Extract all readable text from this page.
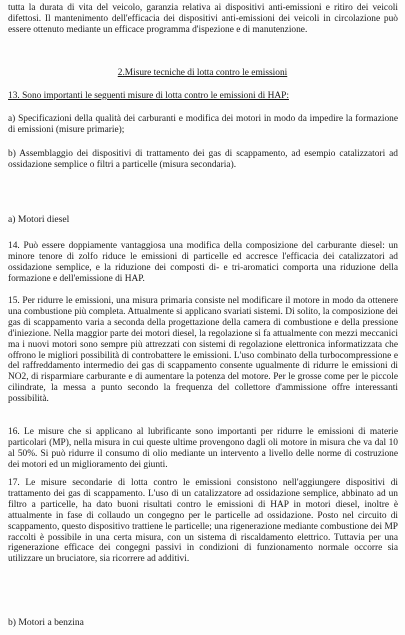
tutta la durata di vita del veicolo, garanzia relativa ai dispositivi anti-emissioni e ritiro dei veicoli difettosi. Il mantenimento dell'efficacia dei dispositivi anti-emissioni dei veicoli in circolazione può essere ottenuto mediante un efficace programma d'ispezione e di manutenzione.

2.Misure tecniche di lotta contro le emissioni

13. Sono importanti le seguenti misure di lotta contro le emissioni di HAP:

a) Specificazioni della qualità dei carburanti e modifica dei motori in modo da impedire la formazione di emissioni (misure primarie);

b) Assemblaggio dei dispositivi di trattamento dei gas di scappamento, ad esempio catalizzatori ad ossidazione semplice o filtri a particelle (misura secondaria).

a) Motori diesel

14. Può essere doppiamente vantaggiosa una modifica della composizione del carburante diesel: un minore tenore di zolfo riduce le emissioni di particelle ed accresce l'efficacia dei catalizzatori ad ossidazione semplice, e la riduzione dei composti di- e tri-aromatici comporta una riduzione della formazione e dell'emissione di HAP.

15. Per ridurre le emissioni, una misura primaria consiste nel modificare il motore in modo da ottenere una combustione più completa. Attualmente si applicano svariati sistemi. Di solito, la composizione dei gas di scappamento varia a seconda della progettazione della camera di combustione e della pressione d'iniezione. Nella maggior parte dei motori diesel, la regolazione si fa attualmente con mezzi meccanici ma i nuovi motori sono sempre più attrezzati con sistemi di regolazione elettronica informatizzata che offrono le migliori possibilità di controbattere le emissioni. L'uso combinato della turbocompressione e del raffreddamento intermedio dei gas di scappamento consente ugualmente di ridurre le emissioni di NO2, di risparmiare carburante e di aumentare la potenza del motore. Per le grosse come per le piccole cilindrate, la messa a punto secondo la frequenza del collettore d'ammissione offre interessanti possibilità.

16. Le misure che si applicano al lubrificante sono importanti per ridurre le emissioni di materie particolari (MP), nella misura in cui queste ultime provengono dagli oli motore in misura che va dal 10 al 50%. Si può ridurre il consumo di olio mediante un intervento a livello delle norme di costruzione dei motori ed un miglioramento dei giunti.

17. Le misure secondarie di lotta contro le emissioni consistono nell'aggiungere dispositivi di trattamento dei gas di scappamento. L'uso di un catalizzatore ad ossidazione semplice, abbinato ad un filtro a particelle, ha dato buoni risultati contro le emissioni di HAP in motori diesel, inoltre è attualmente in fase di collaudo un congegno per le particelle ad ossidazione. Posto nel circuito di scappamento, questo dispositivo trattiene le particelle; una rigenerazione mediante combustione dei MP raccolti è possibile in una certa misura, con un sistema di riscaldamento elettrico. Tuttavia per una rigenerazione efficace dei congegni passivi in condizioni di funzionamento normale occorre sia utilizzare un bruciatore, sia ricorrere ad additivi.

b) Motori a benzina
